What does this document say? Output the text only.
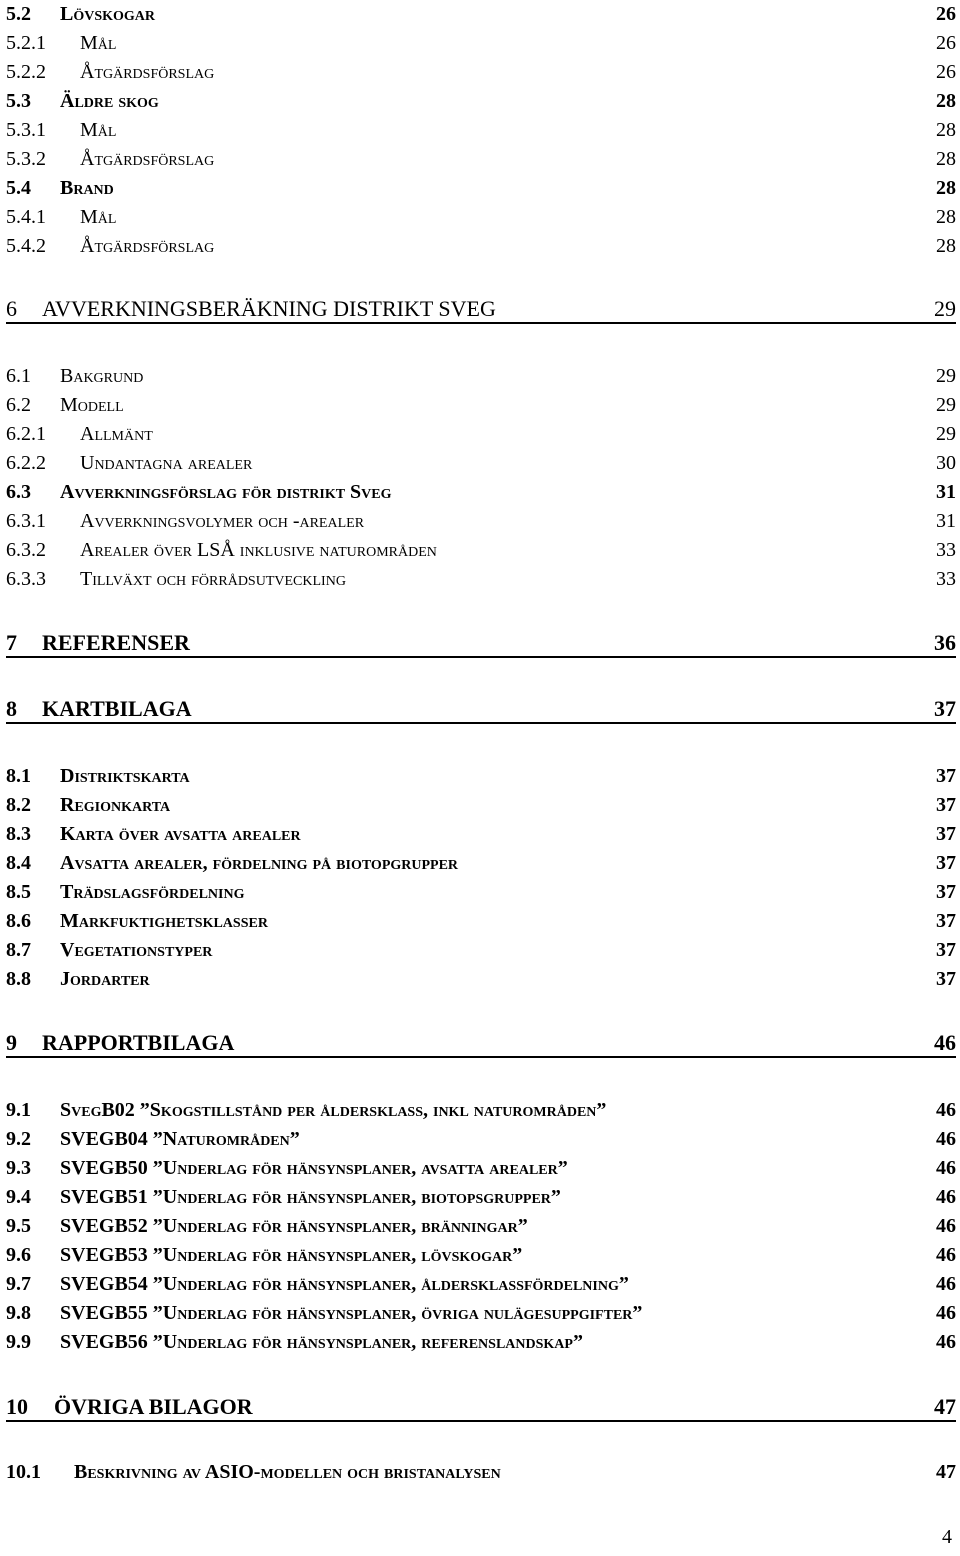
5.2 Lövskogar	26
5.2.1 Mål	26
5.2.2 Åtgärdsförslag	26
5.3 Äldre skog	28
5.3.1 Mål	28
5.3.2 Åtgärdsförslag	28
5.4 Brand	28
5.4.1 Mål	28
5.4.2 Åtgärdsförslag	28
6 AVVERKNINGSBERÄKNING DISTRIKT SVEG	29
6.1 Bakgrund	29
6.2 Modell	29
6.2.1 Allmänt	29
6.2.2 Undantagna arealer	30
6.3 Avverkningsförslag för distrikt Sveg	31
6.3.1 Avverkningsvolymer och -arealer	31
6.3.2 Arealer över LSÅ inklusive naturområden	33
6.3.3 Tillväxt och förrådsutveckling	33
7 REFERENSER	36
8 KARTBILAGA	37
8.1 Distriktskarta	37
8.2 Regionkarta	37
8.3 Karta över avsatta arealer	37
8.4 Avsatta arealer, fördelning på biotopgrupper	37
8.5 Trädslagsfördelning	37
8.6 Markfuktighetsklasser	37
8.7 Vegetationstyper	37
8.8 Jordarter	37
9 RAPPORTBILAGA	46
9.1 SvegB02 ”Skogstillstånd per åldersklass, inkl naturområden”	46
9.2 SVEGB04 ”Naturområden”	46
9.3 SVEGB50 ”Underlag för hänsynsplaner, avsatta arealer”	46
9.4 SVEGB51 ”Underlag för hänsynsplaner, biotopsgrupper”	46
9.5 SVEGB52 ”Underlag för hänsynsplaner, bränningar”	46
9.6 SVEGB53 ”Underlag för hänsynsplaner, lövskogar”	46
9.7 SVEGB54 ”Underlag för hänsynsplaner, åldersklassfördelning”	46
9.8 SVEGB55 ”Underlag för hänsynsplaner, övriga nulägesuppgifter”	46
9.9 SVEGB56 ”Underlag för hänsynsplaner, referenslandskap”	46
10 ÖVRIGA BILAGOR	47
10.1 Beskrivning av ASIO-modellen och bristanalysen	47
4
